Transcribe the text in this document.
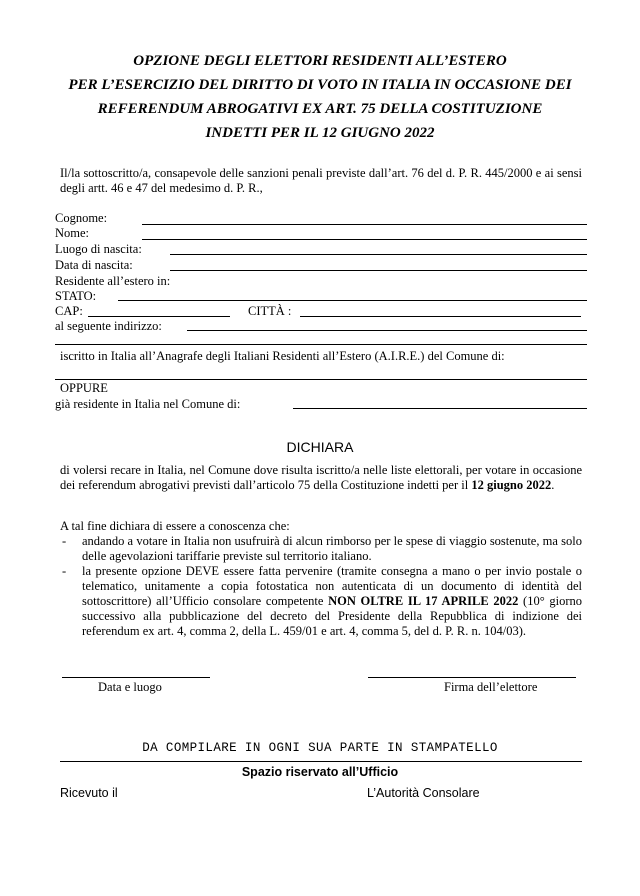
OPZIONE DEGLI ELETTORI RESIDENTI ALL’ESTERO
PER L’ESERCIZIO DEL DIRITTO DI VOTO IN ITALIA IN OCCASIONE DEI
REFERENDUM ABROGATIVI EX ART. 75 DELLA COSTITUZIONE
INDETTI PER IL 12 GIUGNO 2022
Il/la sottoscritto/a, consapevole delle sanzioni penali previste dall’art. 76 del d. P. R. 445/2000 e ai sensi degli artt. 46 e 47 del medesimo d. P. R.,
Cognome:
Nome:
Luogo di nascita:
Data di nascita:
Residente all’estero in:
STATO:
CAP:	CITTÀ :
al seguente indirizzo:
iscritto in Italia all’Anagrafe degli Italiani Residenti all’Estero (A.I.R.E.) del Comune di:
OPPURE
già residente in Italia nel Comune di:
DICHIARA
di volersi recare in Italia, nel Comune dove risulta iscritto/a nelle liste elettorali, per votare in occasione dei referendum abrogativi previsti dall’articolo 75 della Costituzione indetti per il 12 giugno 2022.
A tal fine dichiara di essere a conoscenza che:
- andando a votare in Italia non usufruirà di alcun rimborso per le spese di viaggio sostenute, ma solo delle agevolazioni tariffarie previste sul territorio italiano.
- la presente opzione DEVE essere fatta pervenire (tramite consegna a mano o per invio postale o telematico, unitamente a copia fotostatica non autenticata di un documento di identità del sottoscrittore) all’Ufficio consolare competente NON OLTRE IL 17 APRILE 2022 (10° giorno successivo alla pubblicazione del decreto del Presidente della Repubblica di indizione dei referendum ex art. 4, comma 2, della L. 459/01 e art. 4, comma 5, del d. P. R. n. 104/03).
Data e luogo	Firma dell’elettore
DA COMPILARE IN OGNI SUA PARTE IN STAMPATELLO
Spazio riservato all’Ufficio
Ricevuto il	L’Autorità Consolare
